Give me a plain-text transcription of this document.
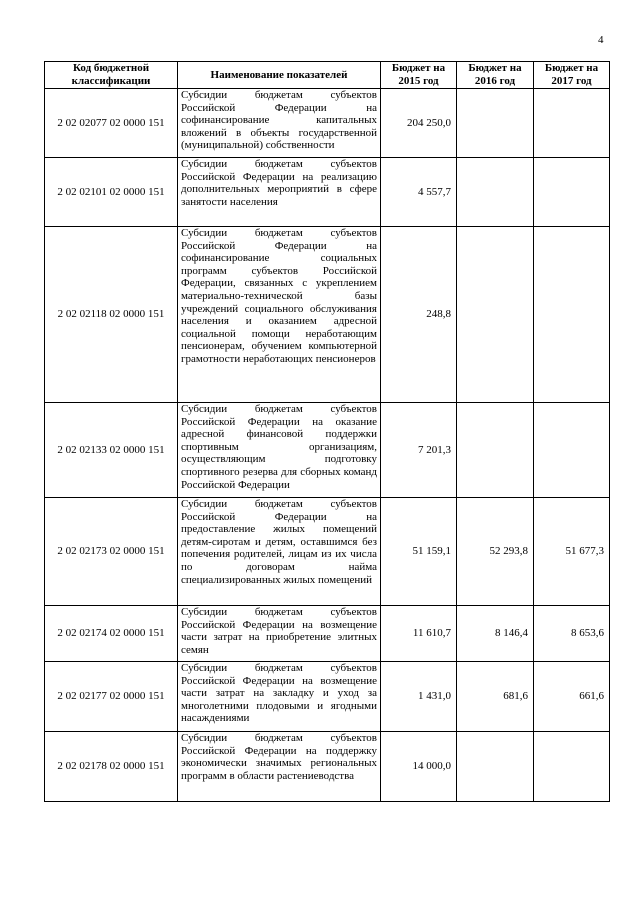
4
Код бюджетной классификации	Наименование показателей	Бюджет на 2015 год	Бюджет на 2016 год	Бюджет на 2017 год
2 02 02077 02 0000 151	Субсидии бюджетам субъектов Российской Федерации на софинансирование капитальных вложений в объекты государственной (муниципальной) собственности	204 250,0		
2 02 02101 02 0000 151	Субсидии бюджетам субъектов Российской Федерации на реализацию дополнительных мероприятий в сфере занятости населения	4 557,7		
2 02 02118 02 0000 151	Субсидии бюджетам субъектов Российской Федерации на софинансирование социальных программ субъектов Российской Федерации, связанных с укреплением материально-технической базы учреждений социального обслуживания населения и оказанием адресной социальной помощи неработающим пенсионерам, обучением компьютерной грамотности неработающих пенсионеров	248,8		
2 02 02133 02 0000 151	Субсидии бюджетам субъектов Российской Федерации на оказание адресной финансовой поддержки спортивным организациям, осуществляющим подготовку спортивного резерва для сборных команд Российской Федерации	7 201,3		
2 02 02173 02 0000 151	Субсидии бюджетам субъектов Российской Федерации на предоставление жилых помещений детям-сиротам и детям, оставшимся без попечения родителей, лицам из их числа по договорам найма специализированных жилых помещений	51 159,1	52 293,8	51 677,3
2 02 02174 02 0000 151	Субсидии бюджетам субъектов Российской Федерации на возмещение части затрат на приобретение элитных семян	11 610,7	8 146,4	8 653,6
2 02 02177 02 0000 151	Субсидии бюджетам субъектов Российской Федерации на возмещение части затрат на закладку и уход за многолетними плодовыми и ягодными насаждениями	1 431,0	681,6	661,6
2 02 02178 02 0000 151	Субсидии бюджетам субъектов Российской Федерации на поддержку экономически значимых региональных программ в области растениеводства	14 000,0		
